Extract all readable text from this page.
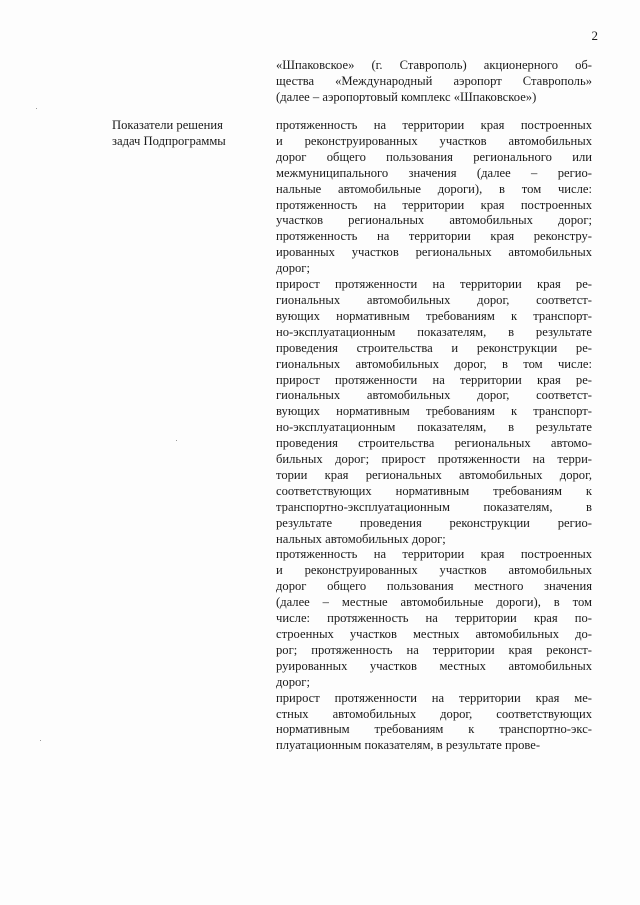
2
«Шпаковское» (г. Ставрополь) акционерного об-
щества «Международный аэропорт Ставрополь»
(далее – аэропортовый комплекс «Шпаковское»)
Показатели решения
задач Подпрограммы
протяженность на территории края построенных
и реконструированных участков автомобильных
дорог общего пользования регионального или
межмуниципального значения (далее – регио-
нальные автомобильные дороги), в том числе:
протяженность на территории края построенных
участков региональных автомобильных дорог;
протяженность на территории края реконстру-
ированных участков региональных автомобильных
дорог;
прирост протяженности на территории края ре-
гиональных автомобильных дорог, соответст-
вующих нормативным требованиям к транспорт-
но-эксплуатационным показателям, в результате
проведения строительства и реконструкции ре-
гиональных автомобильных дорог, в том числе:
прирост протяженности на территории края ре-
гиональных автомобильных дорог, соответст-
вующих нормативным требованиям к транспорт-
но-эксплуатационным показателям, в результате
проведения строительства региональных автомо-
бильных дорог; прирост протяженности на терри-
тории края региональных автомобильных дорог,
соответствующих нормативным требованиям к
транспортно-эксплуатационным показателям, в
результате проведения реконструкции регио-
нальных автомобильных дорог;
протяженность на территории края построенных
и реконструированных участков автомобильных
дорог общего пользования местного значения
(далее – местные автомобильные дороги), в том
числе: протяженность на территории края по-
строенных участков местных автомобильных до-
рог; протяженность на территории края реконст-
руированных участков местных автомобильных
дорог;
прирост протяженности на территории края ме-
стных автомобильных дорог, соответствующих
нормативным требованиям к транспортно-экс-
плуатационным показателям, в результате прове-
